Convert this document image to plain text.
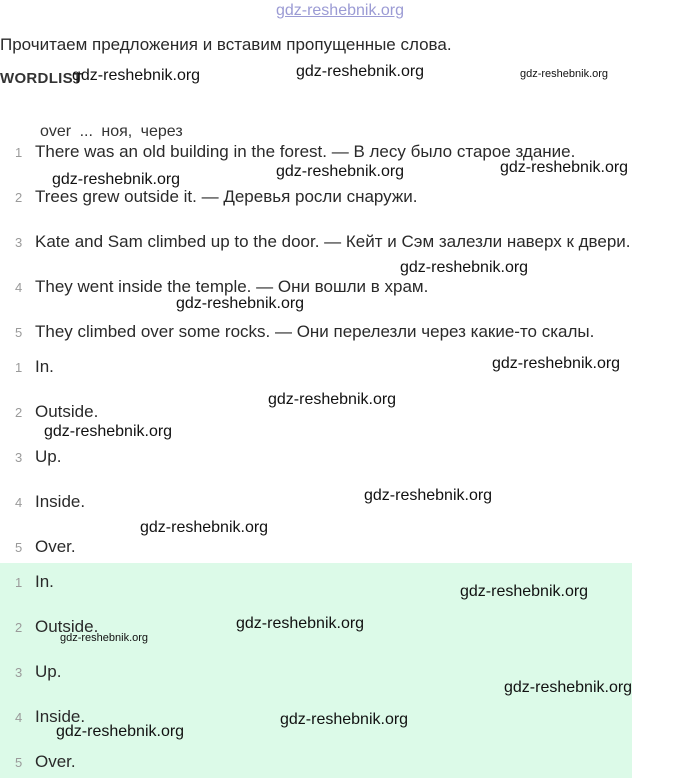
gdz-reshebnik.org
Прочитаем предложения и вставим пропущенные слова.
WORDLIST
over ... ноя, через
1 There was an old building in the forest. — В лесу было старое здание.
2 Trees grew outside it. — Деревья росли снаружи.
3 Kate and Sam climbed up to the door. — Кейт и Сэм залезли наверх к двери.
4 They went inside the temple. — Они вошли в храм.
5 They climbed over some rocks. — Они перелезли через какие-то скалы.
1 In.
2 Outside.
3 Up.
4 Inside.
5 Over.
1 In.
2 Outside.
3 Up.
4 Inside.
5 Over.
gdz-reshebnik.org	gdz-reshebnik.org	gdz-reshebnik.org
gdz-reshebnik.org	gdz-reshebnik.org	gdz-reshebnik.org
gdz-reshebnik.org
gdz-reshebnik.org
gdz-reshebnik.org
gdz-reshebnik.org
gdz-reshebnik.org
gdz-reshebnik.org
gdz-reshebnik.org
gdz-reshebnik.org
gdz-reshebnik.org
gdz-reshebnik.org
gdz-reshebnik.org
gdz-reshebnik.org
gdz-reshebnik.org
